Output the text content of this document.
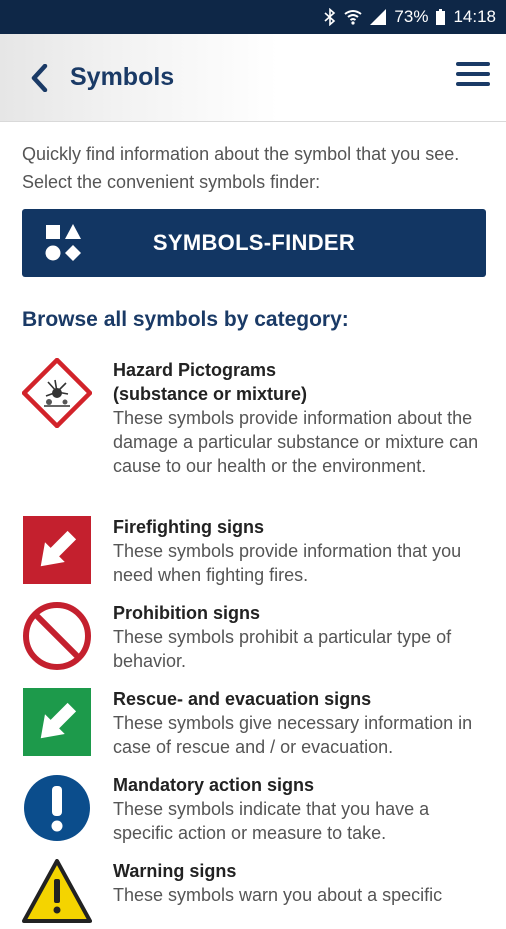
73% 14:18
Symbols
Quickly find information about the symbol that you see. Select the convenient symbols finder:
SYMBOLS-FINDER
Browse all symbols by category:
Hazard Pictograms
(substance or mixture)
These symbols provide information about the damage a particular substance or mixture can cause to our health or the environment.
Firefighting signs
These symbols provide information that you need when fighting fires.
Prohibition signs
These symbols prohibit a particular type of behavior.
Rescue- and evacuation signs
These symbols give necessary information in case of rescue and / or evacuation.
Mandatory action signs
These symbols indicate that you have a specific action or measure to take.
Warning signs
These symbols warn you about a specific
